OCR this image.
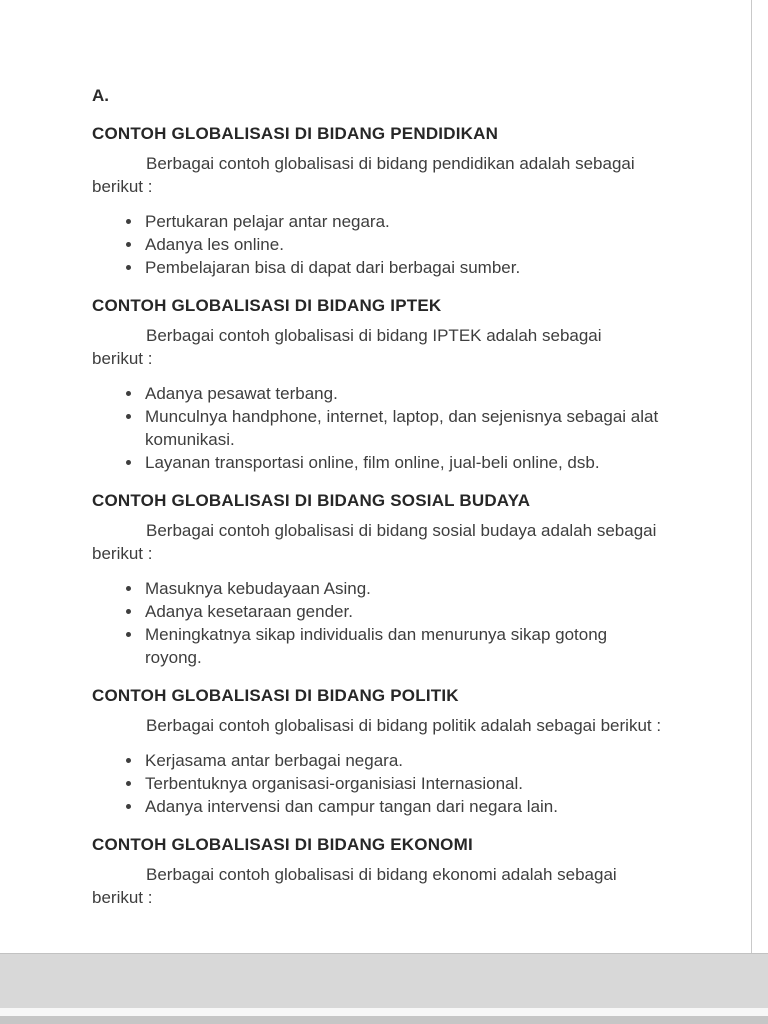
A.

CONTOH GLOBALISASI DI BIDANG PENDIDIKAN

Berbagai contoh globalisasi di bidang pendidikan adalah sebagai berikut :

• Pertukaran pelajar antar negara.
• Adanya les online.
• Pembelajaran bisa di dapat dari berbagai sumber.
CONTOH GLOBALISASI DI BIDANG IPTEK

Berbagai contoh globalisasi di bidang IPTEK adalah sebagai berikut :

• Adanya pesawat terbang.
• Munculnya handphone, internet, laptop, dan sejenisnya sebagai alat komunikasi.
• Layanan transportasi online, film online, jual-beli online, dsb.
CONTOH GLOBALISASI DI BIDANG SOSIAL BUDAYA

Berbagai contoh globalisasi di bidang sosial budaya adalah sebagai berikut :

• Masuknya kebudayaan Asing.
• Adanya kesetaraan gender.
• Meningkatnya sikap individualis dan menurunya sikap gotong royong.
CONTOH GLOBALISASI DI BIDANG POLITIK

Berbagai contoh globalisasi di bidang politik adalah sebagai berikut :

• Kerjasama antar berbagai negara.
• Terbentuknya organisasi-organisiasi Internasional.
• Adanya intervensi dan campur tangan dari negara lain.
CONTOH GLOBALISASI DI BIDANG EKONOMI

Berbagai contoh globalisasi di bidang ekonomi adalah sebagai berikut :
